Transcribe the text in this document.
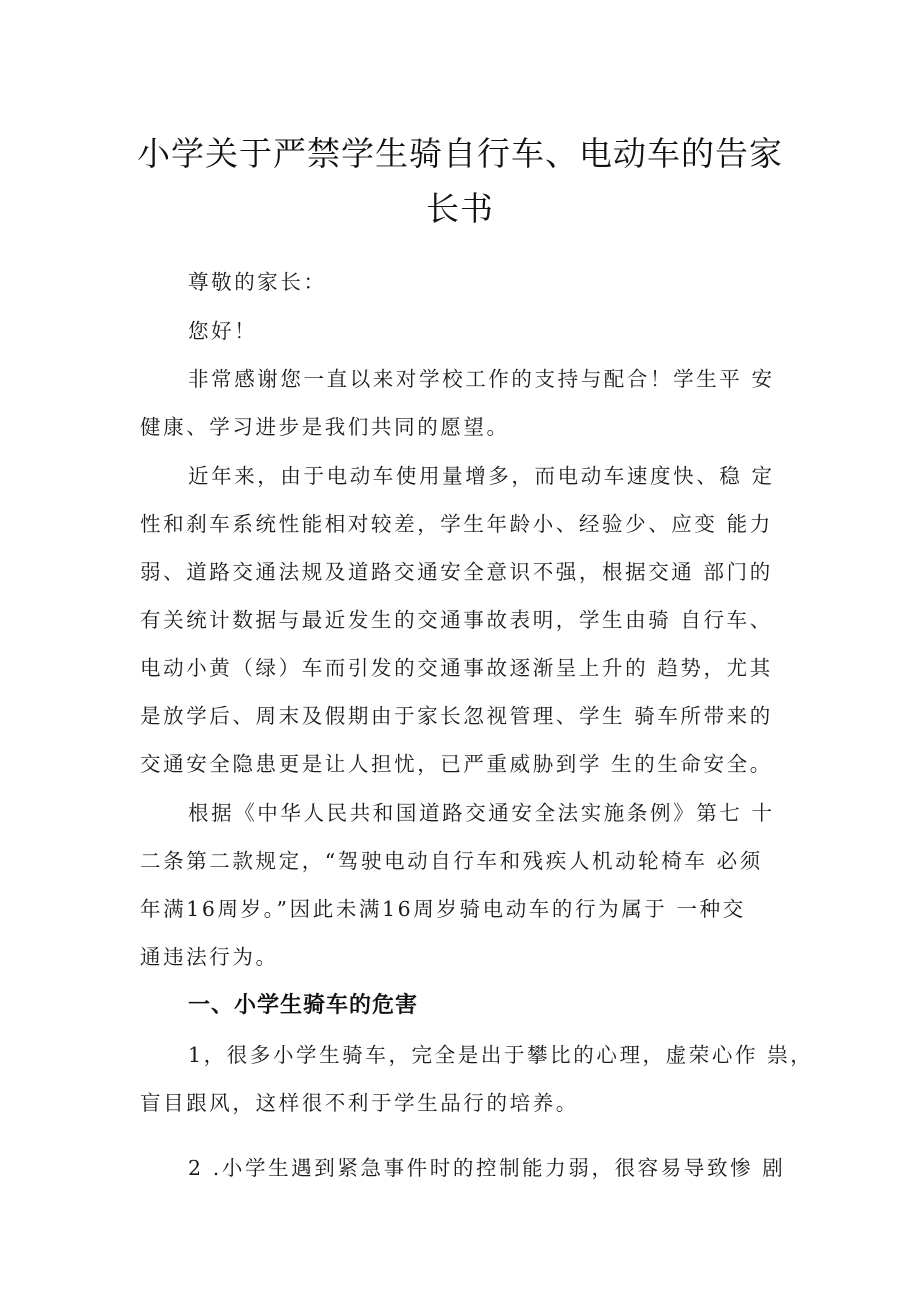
小学关于严禁学生骑自行车、电动车的告家
长书

尊敬的家长：

您好！

非常感谢您一直以来对学校工作的支持与配合！学生平 安

健康、学习进步是我们共同的愿望。

近年来，由于电动车使用量增多，而电动车速度快、稳 定

性和刹车系统性能相对较差，学生年龄小、经验少、应变 能力

弱、道路交通法规及道路交通安全意识不强，根据交通 部门的

有关统计数据与最近发生的交通事故表明，学生由骑 自行车、

电动小黄（绿）车而引发的交通事故逐渐呈上升的 趋势，尤其

是放学后、周末及假期由于家长忽视管理、学生 骑车所带来的

交通安全隐患更是让人担忧，已严重威胁到学 生的生命安全。

根据《中华人民共和国道路交通安全法实施条例》第七 十

二条第二款规定，“驾驶电动自行车和残疾人机动轮椅车 必须

年满16周岁。”因此未满16周岁骑电动车的行为属于 一种交

通违法行为。

一、小学生骑车的危害

1，很多小学生骑车，完全是出于攀比的心理，虚荣心作 祟，

盲目跟风，这样很不利于学生品行的培养。

2 .小学生遇到紧急事件时的控制能力弱，很容易导致惨 剧
